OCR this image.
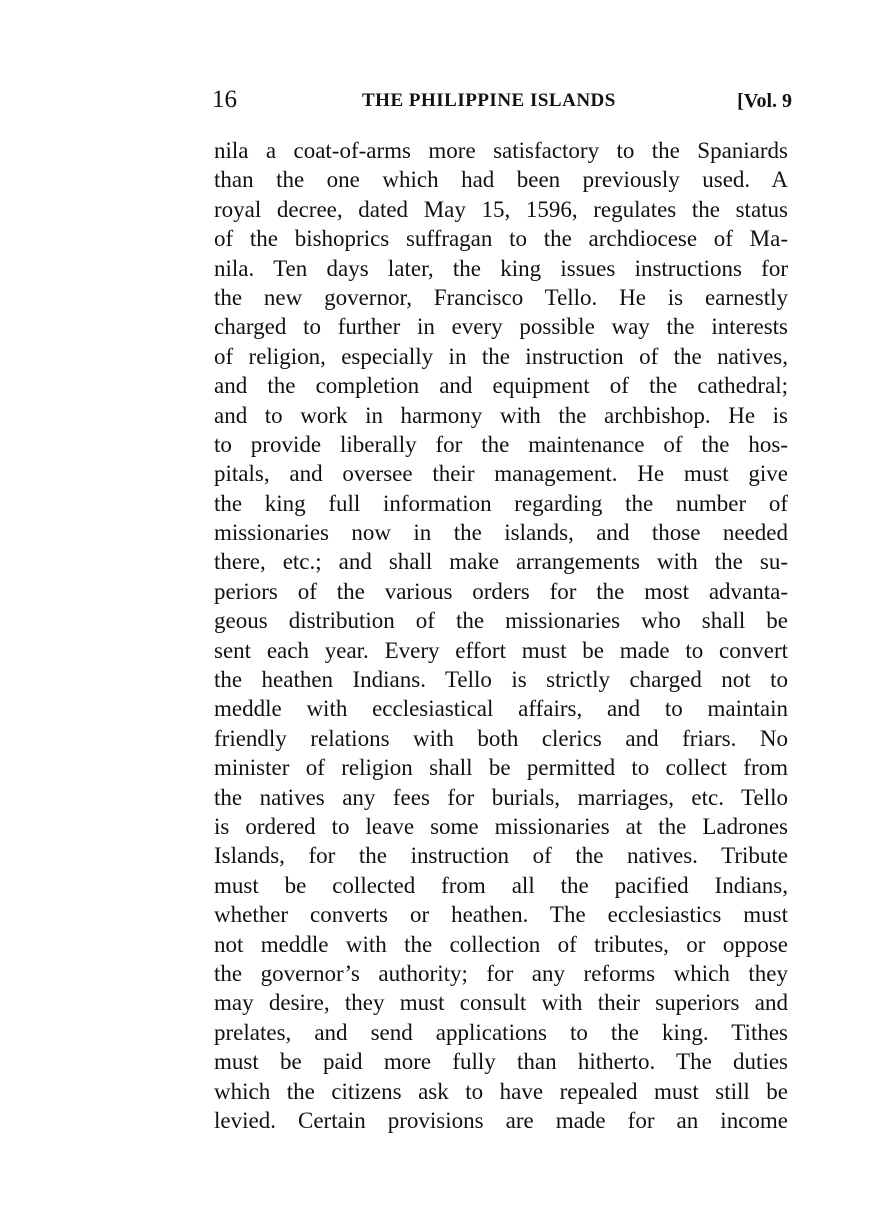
16	THE PHILIPPINE ISLANDS	[Vol. 9
nila a coat-of-arms more satisfactory to the Spaniards
than the one which had been previously used. A
royal decree, dated May 15, 1596, regulates the status
of the bishoprics suffragan to the archdiocese of Ma-
nila. Ten days later, the king issues instructions for
the new governor, Francisco Tello. He is earnestly
charged to further in every possible way the interests
of religion, especially in the instruction of the natives,
and the completion and equipment of the cathedral;
and to work in harmony with the archbishop. He is
to provide liberally for the maintenance of the hos-
pitals, and oversee their management. He must give
the king full information regarding the number of
missionaries now in the islands, and those needed
there, etc.; and shall make arrangements with the su-
periors of the various orders for the most advanta-
geous distribution of the missionaries who shall be
sent each year. Every effort must be made to convert
the heathen Indians. Tello is strictly charged not to
meddle with ecclesiastical affairs, and to maintain
friendly relations with both clerics and friars. No
minister of religion shall be permitted to collect from
the natives any fees for burials, marriages, etc. Tello
is ordered to leave some missionaries at the Ladrones
Islands, for the instruction of the natives. Tribute
must be collected from all the pacified Indians,
whether converts or heathen. The ecclesiastics must
not meddle with the collection of tributes, or oppose
the governor’s authority; for any reforms which they
may desire, they must consult with their superiors and
prelates, and send applications to the king. Tithes
must be paid more fully than hitherto. The duties
which the citizens ask to have repealed must still be
levied. Certain provisions are made for an income
